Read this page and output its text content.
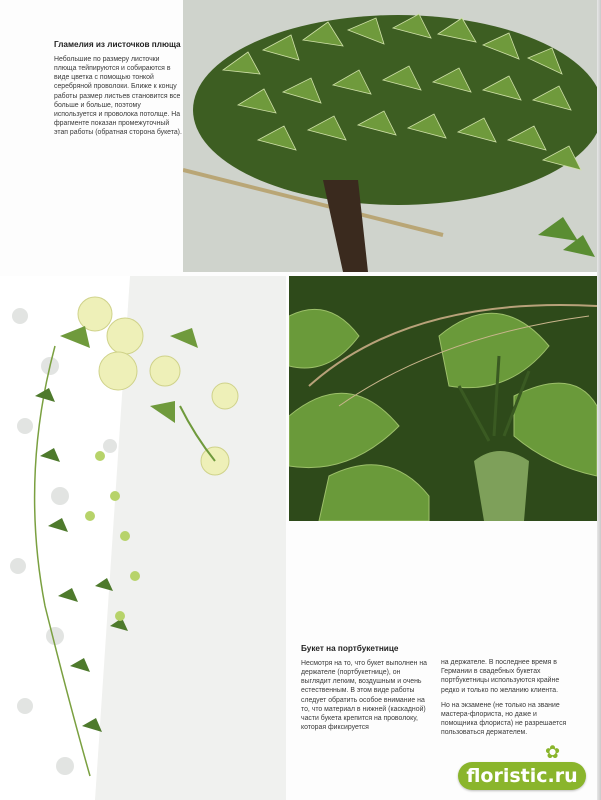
Гламелия из листочков плюща

Небольшие по размеру листочки плюща тейпируются и собираются в виде цветка с помощью тонкой серебряной проволоки. Ближе к концу работы размер листьев становится все больше и больше, поэтому используется и проволока потолще. На фрагменте показан промежуточный этап работы (обратная сторона букета).

Букет на портбукетнице

Несмотря на то, что букет выполнен на держателе (портбукетнице), он выглядит легким, воздушным и очень естественным. В этом виде работы следует обратить особое внимание на то, что материал в нижней (каскадной) части букета крепится на проволоку, которая фиксируется

на держателе. В последнее время в Германии в свадебных букетах портбукетницы используются крайне редко и только по желанию клиента.

Но на экзамене (не только на звание мастера-флориста, но даже и помощника флориста) не разрешается пользоваться держателем.

✿
floristic.ru
